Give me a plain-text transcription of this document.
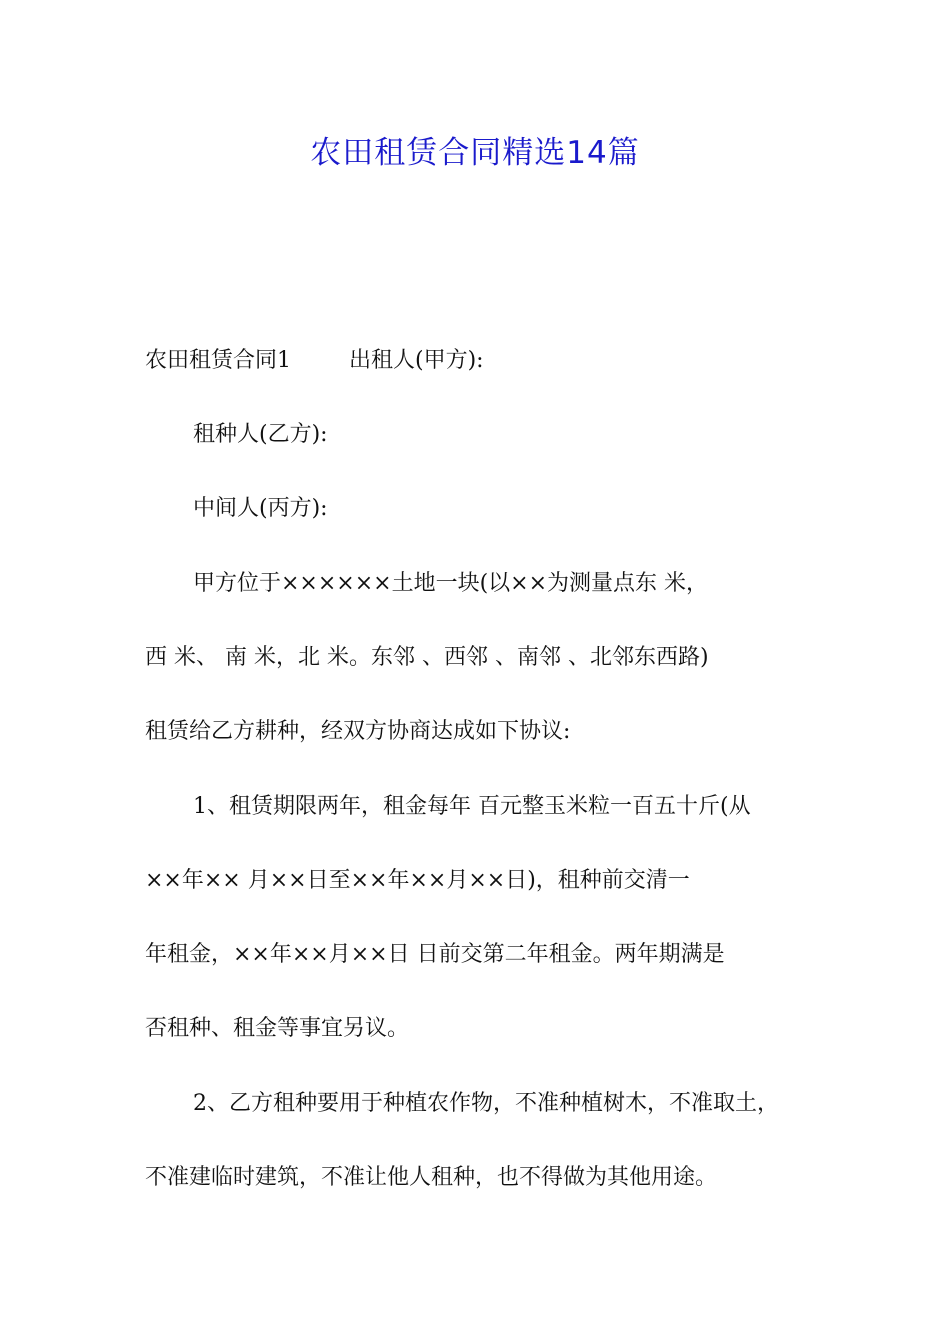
农田租赁合同精选14篇
农田租赁合同1	出租人(甲方):
租种人(乙方):
中间人(丙方):
甲方位于××××××土地一块(以××为测量点东 米，
西 米、 南 米，北 米。东邻 、西邻 、南邻 、北邻东西路)
租赁给乙方耕种，经双方协商达成如下协议:
1、租赁期限两年，租金每年 百元整玉米粒一百五十斤(从
××年×× 月××日至××年××月××日)，租种前交清一
年租金，××年××月××日 日前交第二年租金。两年期满是
否租种、租金等事宜另议。
2、乙方租种要用于种植农作物，不准种植树木，不准取土，
不准建临时建筑，不准让他人租种，也不得做为其他用途。
